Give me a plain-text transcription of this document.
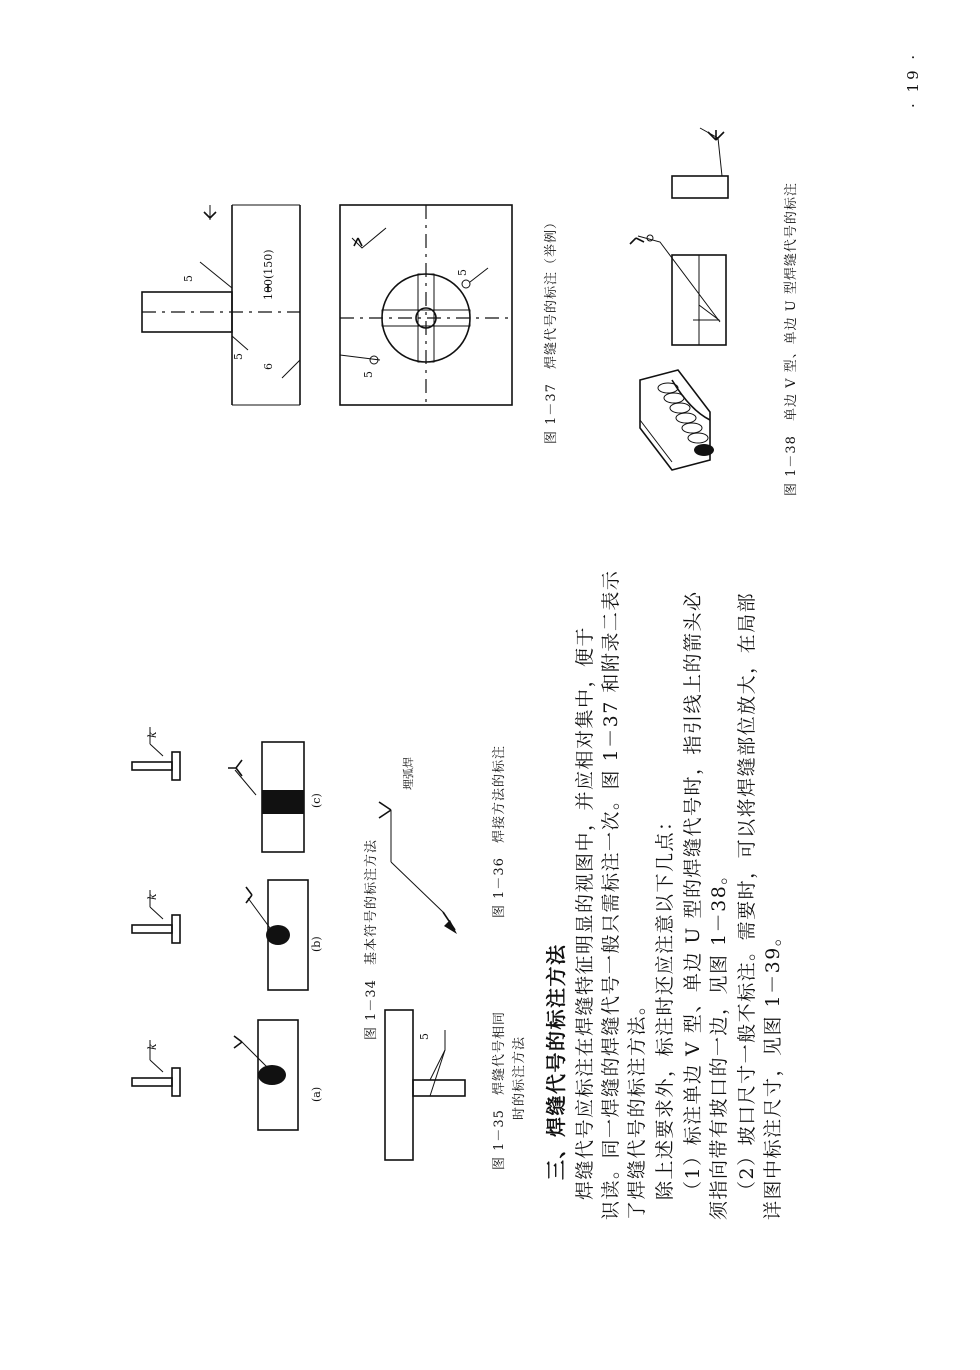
· 19 ·
图 1－34　基本符号的标注方法
(a)
(b)
(c)
k
k
k
图 1－35　焊缝代号相同 时的标注方法
5
图 1－36　焊接方法的标注
埋弧焊
图 1－37　焊缝代号的标注（举例）
100(150)
6
5
5
5
5	图 1－38　单边 V 型、单边 U 型焊缝代号的标注
三、焊缝代号的标注方法 焊缝代号应标注在焊缝特征明显的视图中，并应相对集中，便于 识读。同一焊缝的焊缝代号一般只需标注一次。图 1－37 和附录二表示 了焊缝代号的标注方法。 除上述要求外，标注时还应注意以下几点： （1）标注单边 V 型、单边 U 型的焊缝代号时，指引线上的箭头必 须指向带有坡口的一边，见图 1－38。 （2）坡口尺寸一般不标注。需要时，可以将焊缝部位放大，在局部 详图中标注尺寸，见图 1－39。
